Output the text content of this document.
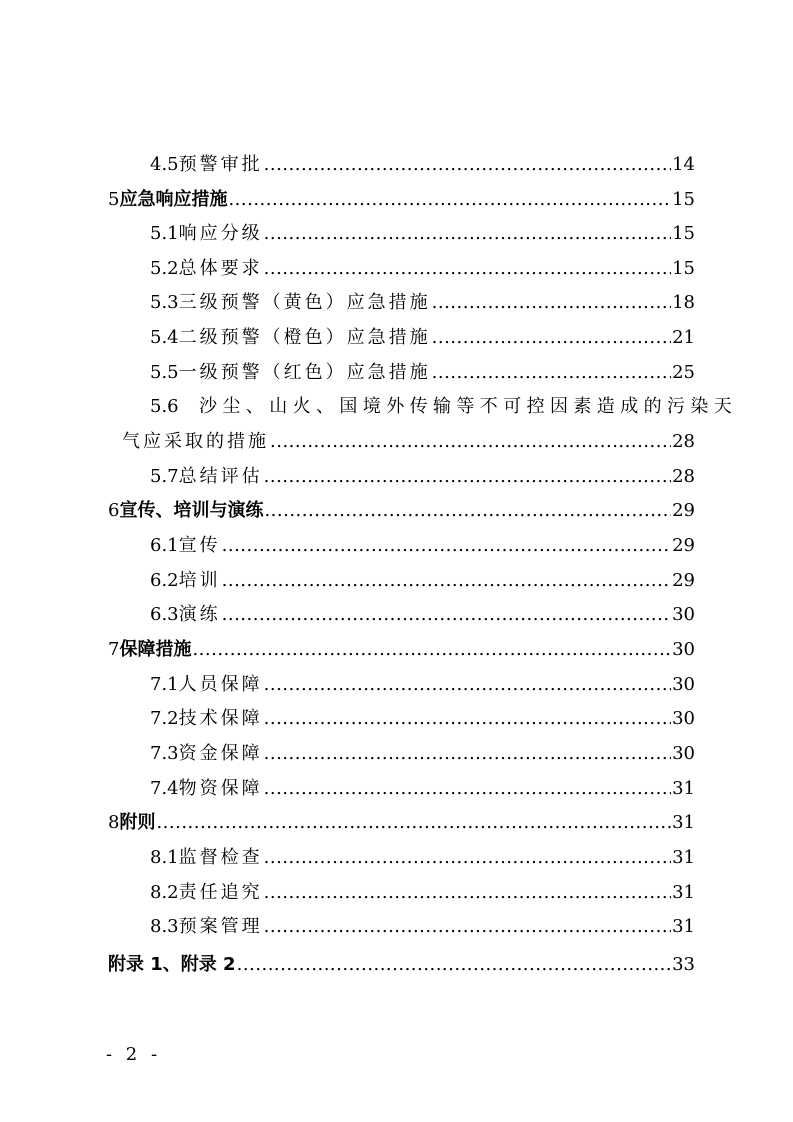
4.5 预警审批 .....	14
5 应急响应措施 .....	15
5.1 响应分级 .....	15
5.2 总体要求 .....	15
5.3 三级预警（黄色）应急措施 .....	18
5.4 二级预警（橙色）应急措施 .....	21
5.5 一级预警（红色）应急措施 .....	25
5.6 沙尘、山火、国境外传输等不可控因素造成的污染天
气应采取的措施 .....	28
5.7 总结评估 .....	28
6 宣传、培训与演练 .....	29
6.1 宣传 .....	29
6.2 培训 .....	29
6.3 演练 .....	30
7 保障措施 .....	30
7.1 人员保障 .....	30
7.2 技术保障 .....	30
7.3 资金保障 .....	30
7.4 物资保障 .....	31
8 附则 .....	31
8.1 监督检查 .....	31
8.2 责任追究 .....	31
8.3 预案管理 .....	31
附录 1、附录 2 .....	33
- 2 -
